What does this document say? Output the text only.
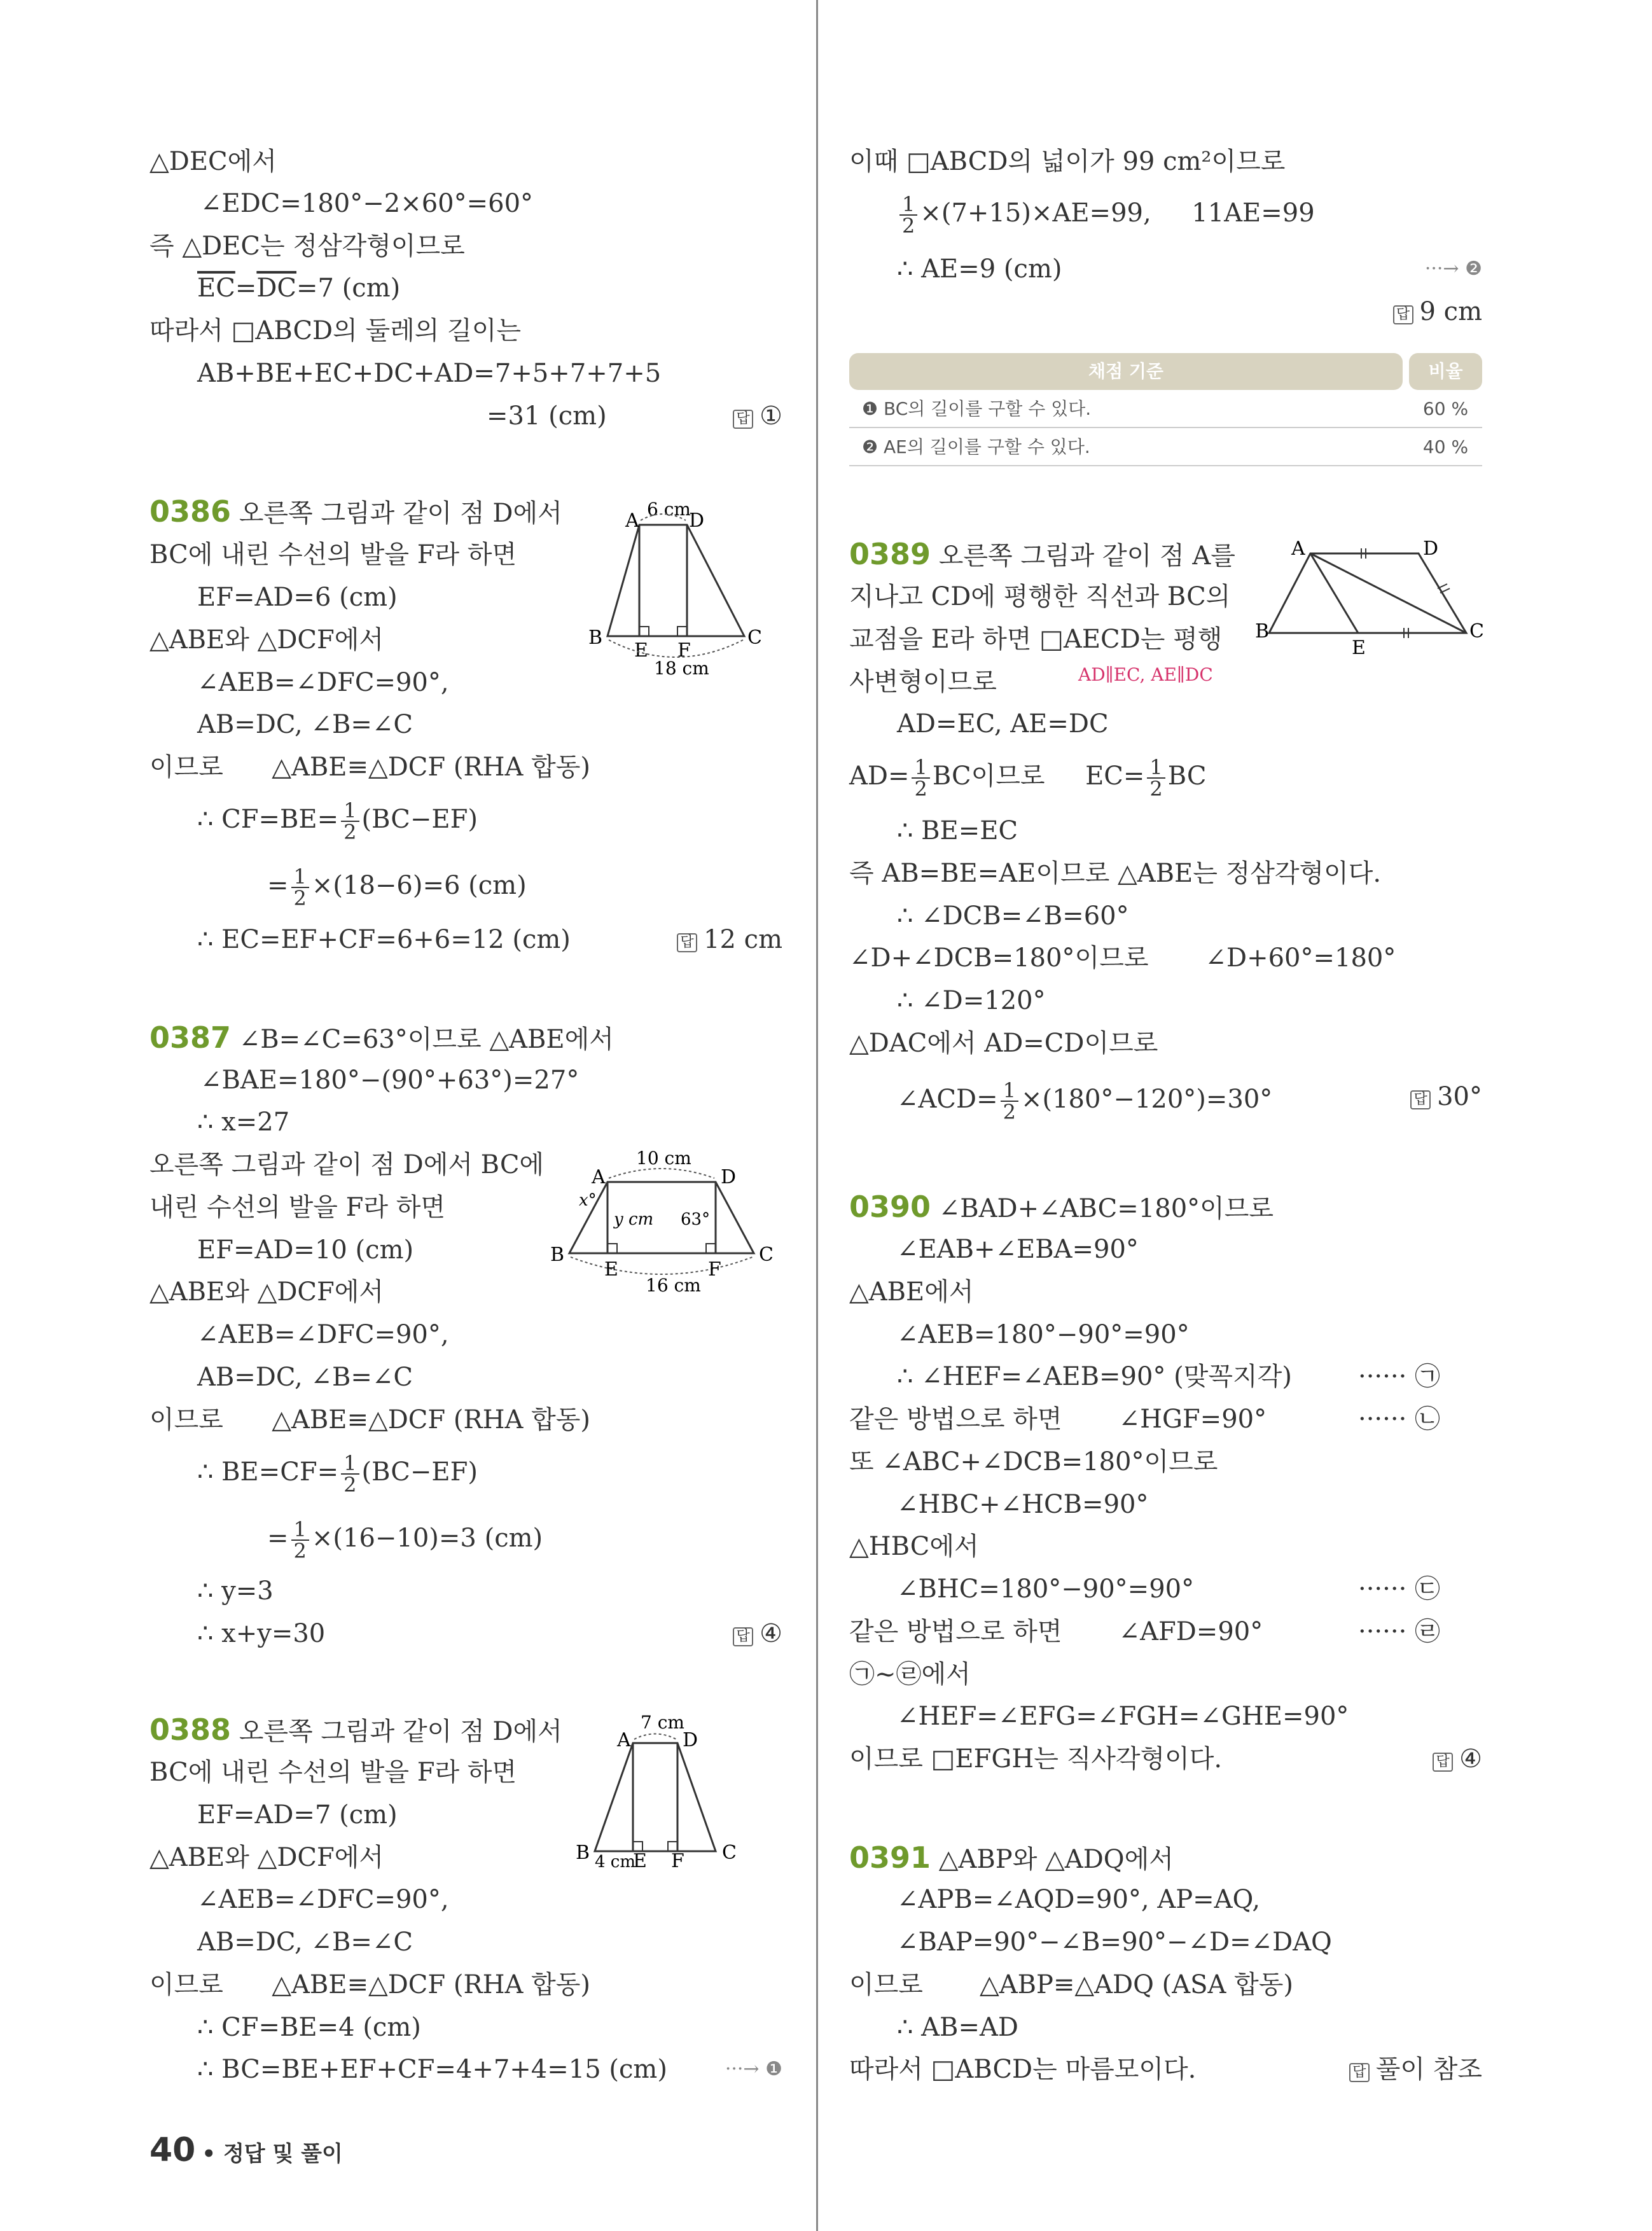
△DEC에서
∠EDC=180°−2×60°=60°
즉 △DEC는 정삼각형이므로
$\overline{EC}=\overline{DC}=7$ (cm)
따라서 □ABCD의 둘레의 길이는
AB+BE+EC+DC+AD=7+5+7+7+5
=31 (cm)	답 ①
0386 오른쪽 그림과 같이 점 D에서
BC에 내린 수선의 발을 F라 하면
EF=AD=6 (cm)
△ABE와 △DCF에서
∠AEB=∠DFC=90°,
AB=DC, ∠B=∠C
이므로 △ABE≡△DCF (RHA 합동)
∴ $CF=BE= \frac{1}{2} (BC-EF)$
= $\frac{1}{2} \times(18-6)=6$ (cm)
∴ EC=EF+CF=6+6=12 (cm)	답 12 cm
A	D
B	C
E F
6 cm
18 cm
0387 ∠B=∠C=63°이므로 △ABE에서
∠BAE=180°−(90°+63°)=27°
∴ x=27
오른쪽 그림과 같이 점 D에서 BC에
내린 수선의 발을 F라 하면
EF=AD=10 (cm)
△ABE와 △DCF에서
∠AEB=∠DFC=90°,
AB=DC, ∠B=∠C
이므로 △ABE≡△DCF (RHA 합동)
∴ $BE=CF= \frac{1}{2} (BC-EF)$
= $\frac{1}{2} \times(16-10)=3$ (cm)
∴ y=3
∴ x+y=30	답 ④
A	D
B	C
E	F
10 cm
16 cm
x°
y cm 63°
0388 오른쪽 그림과 같이 점 D에서
BC에 내린 수선의 발을 F라 하면
EF=AD=7 (cm)
△ABE와 △DCF에서
∠AEB=∠DFC=90°,
AB=DC, ∠B=∠C
이므로 △ABE≡△DCF (RHA 합동)
∴ CF=BE=4 (cm)
∴ BC=BE+EF+CF=4+7+4=15 (cm)	···→ ❶
A	D
B	C
E F
7 cm
4 cm
이때 □ABCD의 넓이가 99 cm²이므로
$\frac{1}{2} \times(7+15)\times AE=99$, 11AE=99
∴ AE=9 (cm)	···→ ❷
답 9 cm
채점 기준	비율
❶ BC의 길이를 구할 수 있다.	60 %
❷ AE의 길이를 구할 수 있다.	40 %
0389 오른쪽 그림과 같이 점 A를
지나고 CD에 평행한 직선과 BC의
교점을 E라 하면 □AECD는 평행
사변형이므로	AD∥EC, AE∥DC
AD=EC, AE=DC
$AD= \frac{1}{2}$ BC이므로 $EC= \frac{1}{2}$ BC
∴ BE=EC
즉 AB=BE=AE이므로 △ABE는 정삼각형이다.
∴ ∠DCB=∠B=60°
∠D+∠DCB=180°이므로 ∠D+60°=180°
∴ ∠D=120°
△DAC에서 AD=CD이므로
∠ACD= $\frac{1}{2} \times(180^\circ-120^\circ)=30^\circ$	답 30°
A	D
B	C
E
0390 ∠BAD+∠ABC=180°이므로
∠EAB+∠EBA=90°
△ABE에서
∠AEB=180°−90°=90°
∴ ∠HEF=∠AEB=90° (맞꼭지각)	······ ㉠
같은 방법으로 하면 ∠HGF=90°	······ ㉡
또 ∠ABC+∠DCB=180°이므로
∠HBC+∠HCB=90°
△HBC에서
∠BHC=180°−90°=90°	······ ㉢
같은 방법으로 하면 ∠AFD=90°	······ ㉣
㉠~㉣에서
∠HEF=∠EFG=∠FGH=∠GHE=90°
이므로 □EFGH는 직사각형이다.	답 ④
0391 △ABP와 △ADQ에서
∠APB=∠AQD=90°, AP=AQ,
∠BAP=90°−∠B=90°−∠D=∠DAQ
이므로 △ABP≡△ADQ (ASA 합동)
∴ AB=AD
따라서 □ABCD는 마름모이다.	답 풀이 참조
40 • 정답 및 풀이
